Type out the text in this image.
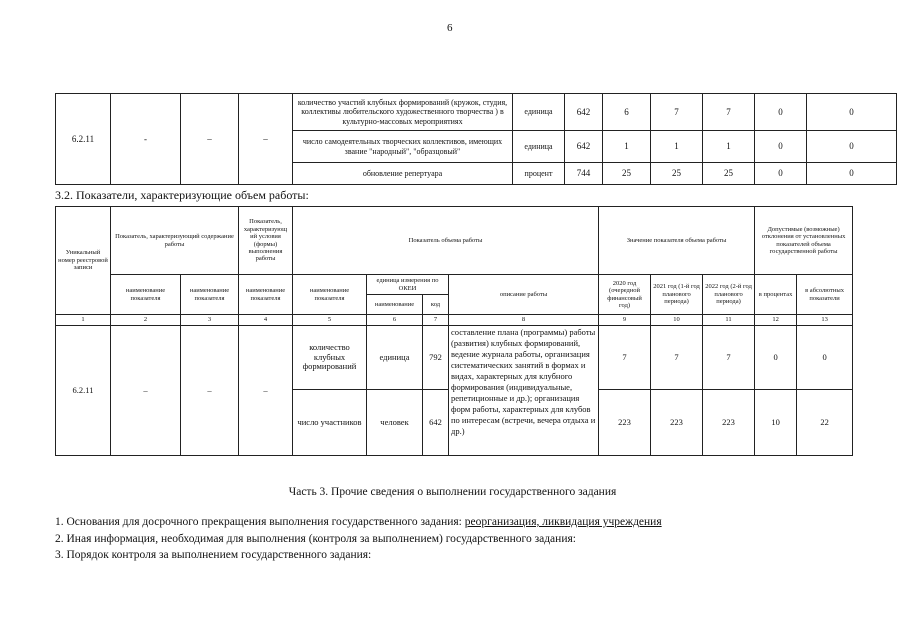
6
6.2.11	-	–	–	количество участий клубных формирований (кружок, студия, коллективы любительского художественного творчества ) в культурно-массовых мероприятиях	единица	642	6	7	7	0	0
				число самодеятельных творческих коллективов, имеющих звание "народный", "образцовый"	единица	642	1	1	1	0	0
				обновление репертуара	процент	744	25	25	25	0	0
3.2. Показатели, характеризующие объем работы:
Уникальный номер реестровой записи	Показатель, характеризующий содержание работы		Показатель, характеризующ ий условия (формы) выполнения работы	Показатель объема работы				Значение показателя объема работы			Допустимые (возможные) отклонения от установленных показателей объема государственной работы	
	наименование показателя	наименование показателя	наименование показателя	наименование показателя	единица измерения по ОКЕИ		описание работы	2020 год (очередной финансовый год)	2021 год (1-й год планового периода)	2022 год (2-й год планового периода)	в процентах	в абсолютных показатели
					наименование	код						
1	2	3	4	5	6	7	8	9	10	11	12	13
6.2.11	–	–	–	количество клубных формирований	единица	792	составление плана (программы) работы (развития) клубных формирований, ведение журнала работы, организация систематических занятий в формах и видах, характерных для клубного формирования (индивидуальные, репетиционные и др.); организация форм работы, характерных для клубов по интересам (встречи, вечера отдыха и др.)	7	7	7	0	0
				число участников	человек	642		223	223	223	10	22
Часть 3. Прочие сведения о выполнении государственного задания
1. Основания для досрочного прекращения выполнения государственного задания: реорганизация, ликвидация учреждения
2. Иная информация, необходимая для выполнения (контроля за выполнением) государственного задания:
3. Порядок контроля за выполнением государственного задания:
